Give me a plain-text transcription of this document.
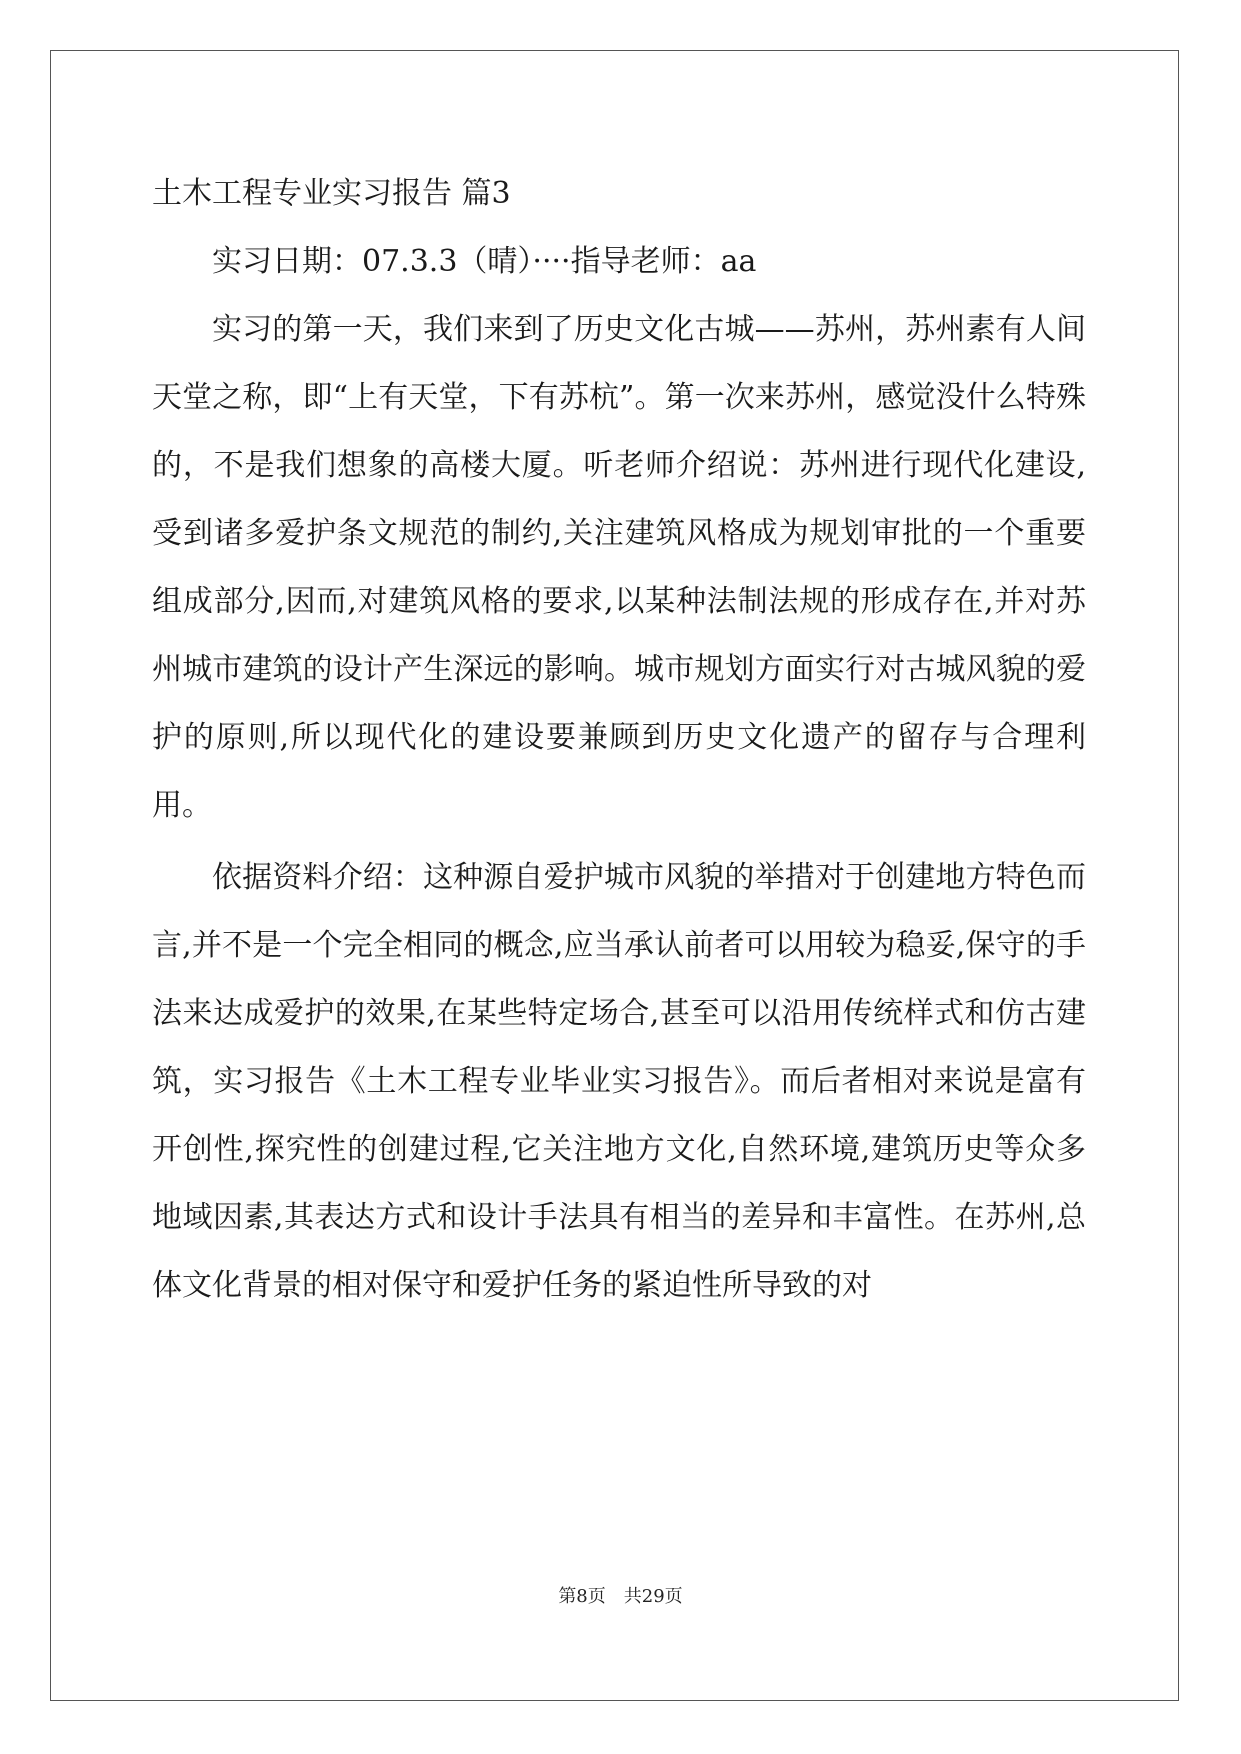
土木工程专业实习报告 篇3

实习日期：07.3.3（晴）····指导老师：aa

实习的第一天，我们来到了历史文化古城——苏州，苏州素有人间天堂之称，即“上有天堂，下有苏杭”。第一次来苏州，感觉没什么特殊的，不是我们想象的高楼大厦。听老师介绍说：苏州进行现代化建设,受到诸多爱护条文规范的制约,关注建筑风格成为规划审批的一个重要组成部分,因而,对建筑风格的要求,以某种法制法规的形成存在,并对苏州城市建筑的设计产生深远的影响。城市规划方面实行对古城风貌的爱护的原则,所以现代化的建设要兼顾到历史文化遗产的留存与合理利用。

依据资料介绍：这种源自爱护城市风貌的举措对于创建地方特色而言,并不是一个完全相同的概念,应当承认前者可以用较为稳妥,保守的手法来达成爱护的效果,在某些特定场合,甚至可以沿用传统样式和仿古建筑，实习报告《土木工程专业毕业实习报告》。而后者相对来说是富有开创性,探究性的创建过程,它关注地方文化,自然环境,建筑历史等众多地域因素,其表达方式和设计手法具有相当的差异和丰富性。在苏州,总体文化背景的相对保守和爱护任务的紧迫性所导致的对

第8页 共29页
